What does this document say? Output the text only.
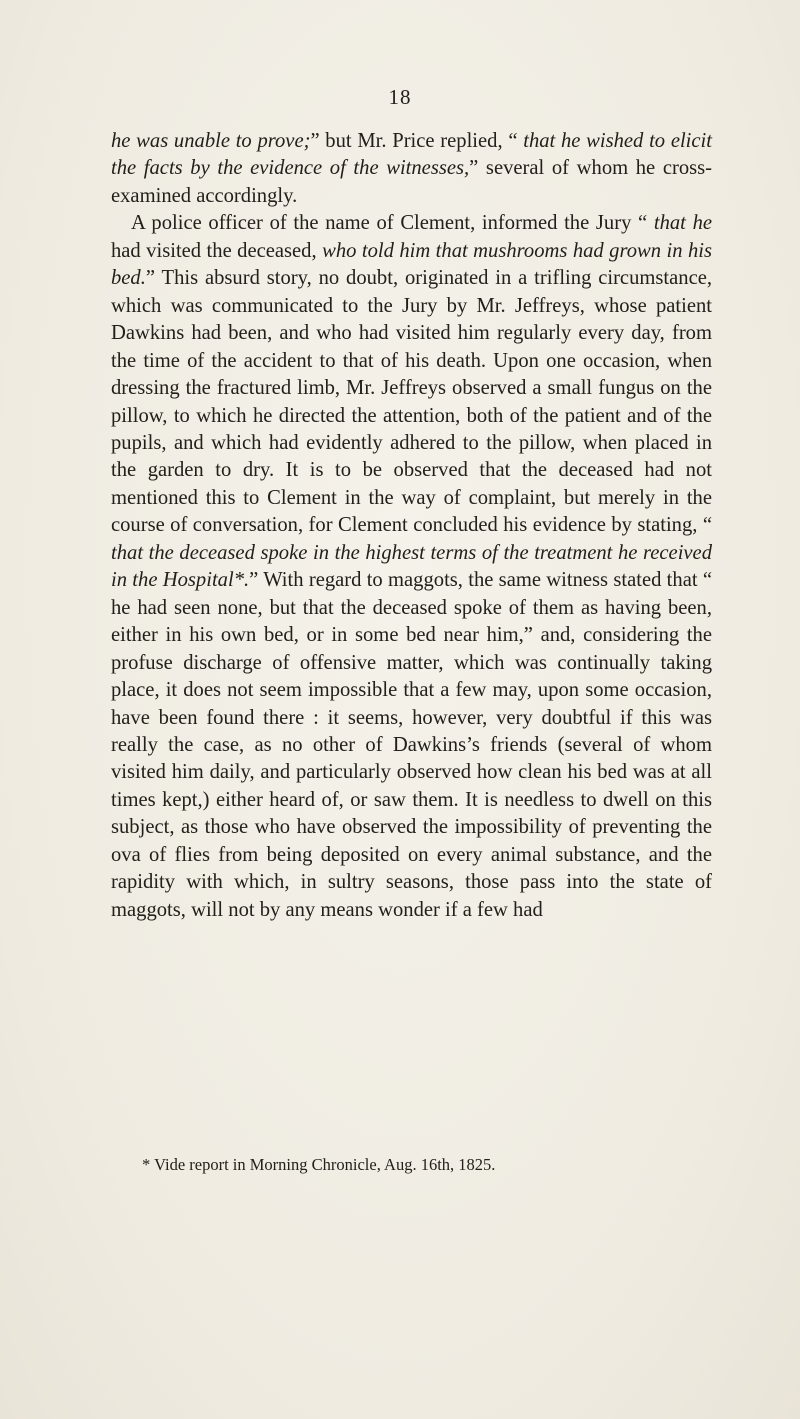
18

he was unable to prove;” but Mr. Price replied, “ that he wished to elicit the facts by the evidence of the witnesses,” several of whom he cross-examined accordingly.

A police officer of the name of Clement, informed the Jury “ that he had visited the deceased, who told him that mushrooms had grown in his bed.” This absurd story, no doubt, originated in a trifling circumstance, which was communicated to the Jury by Mr. Jeffreys, whose patient Dawkins had been, and who had visited him regularly every day, from the time of the accident to that of his death. Upon one occasion, when dressing the fractured limb, Mr. Jeffreys observed a small fungus on the pillow, to which he directed the attention, both of the patient and of the pupils, and which had evidently adhered to the pillow, when placed in the garden to dry. It is to be observed that the deceased had not mentioned this to Clement in the way of complaint, but merely in the course of conversation, for Clement concluded his evidence by stating, “ that the deceased spoke in the highest terms of the treatment he received in the Hospital*.” With regard to maggots, the same witness stated that “ he had seen none, but that the deceased spoke of them as having been, either in his own bed, or in some bed near him,” and, considering the profuse discharge of offensive matter, which was continually taking place, it does not seem impossible that a few may, upon some occasion, have been found there : it seems, however, very doubtful if this was really the case, as no other of Dawkins’s friends (several of whom visited him daily, and particularly observed how clean his bed was at all times kept,) either heard of, or saw them. It is needless to dwell on this subject, as those who have observed the impossibility of preventing the ova of flies from being deposited on every animal substance, and the rapidity with which, in sultry seasons, those pass into the state of maggots, will not by any means wonder if a few had

* Vide report in Morning Chronicle, Aug. 16th, 1825.
